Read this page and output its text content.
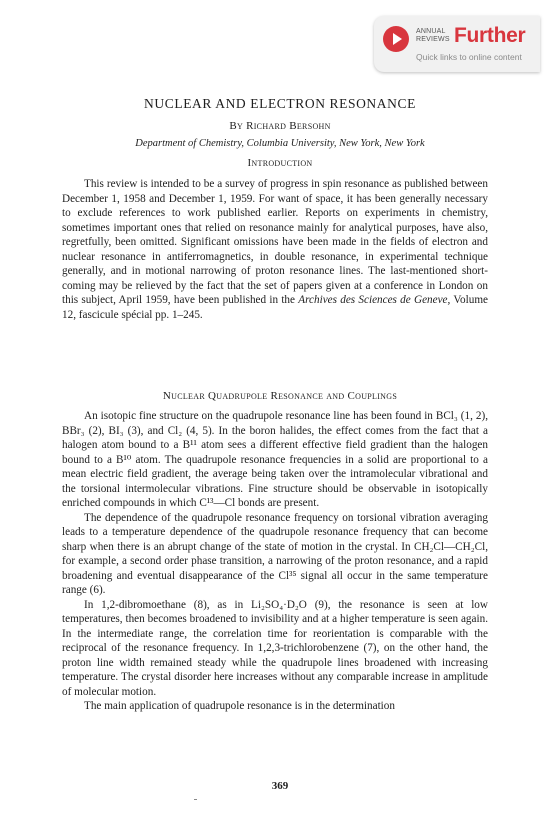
ANNUAL
REVIEWS Further
Quick links to online content
NUCLEAR AND ELECTRON RESONANCE
By Richard Bersohn
Department of Chemistry, Columbia University, New York, New York
Introduction

This review is intended to be a survey of progress in spin resonance as published between December 1, 1958 and December 1, 1959. For want of space, it has been generally necessary to exclude references to work published earlier. Reports on experiments in chemistry, sometimes important ones that relied on resonance mainly for analytical purposes, have also, regretfully, been omitted. Significant omissions have been made in the fields of electron and nuclear resonance in antiferromagnetics, in double resonance, in experimental technique generally, and in motional narrowing of proton resonance lines. The last-mentioned short-coming may be relieved by the fact that the set of papers given at a conference in London on this subject, April 1959, have been published in the Archives des Sciences de Geneve, Volume 12, fascicule spécial pp. 1–245.

Nuclear Quadrupole Resonance and Couplings

An isotopic fine structure on the quadrupole resonance line has been found in BCl₃ (1, 2), BBr₃ (2), BI₃ (3), and Cl₂ (4, 5). In the boron halides, the effect comes from the fact that a halogen atom bound to a B¹¹ atom sees a different effective field gradient than the halogen bound to a B¹⁰ atom. The quadrupole resonance frequencies in a solid are proportional to a mean electric field gradient, the average being taken over the intramolecular vibrational and the torsional intermolecular vibrations. Fine structure should be observable in isotopically enriched compounds in which C¹³—Cl bonds are present.

The dependence of the quadrupole resonance frequency on torsional vibration averaging leads to a temperature dependence of the quadrupole resonance frequency that can become sharp when there is an abrupt change of the state of motion in the crystal. In CH₂Cl—CH₂Cl, for example, a second order phase transition, a narrowing of the proton resonance, and a rapid broadening and eventual disappearance of the Cl³⁵ signal all occur in the same temperature range (6).

In 1,2-dibromoethane (8), as in Li₂SO₄·D₂O (9), the resonance is seen at low temperatures, then becomes broadened to invisibility and at a higher temperature is seen again. In the intermediate range, the correlation time for reorientation is comparable with the reciprocal of the resonance frequency. In 1,2,3-trichlorobenzene (7), on the other hand, the proton line width remained steady while the quadrupole lines broadened with increasing temperature. The crystal disorder here increases without any comparable increase in amplitude of molecular motion.

The main application of quadrupole resonance is in the determination

369
